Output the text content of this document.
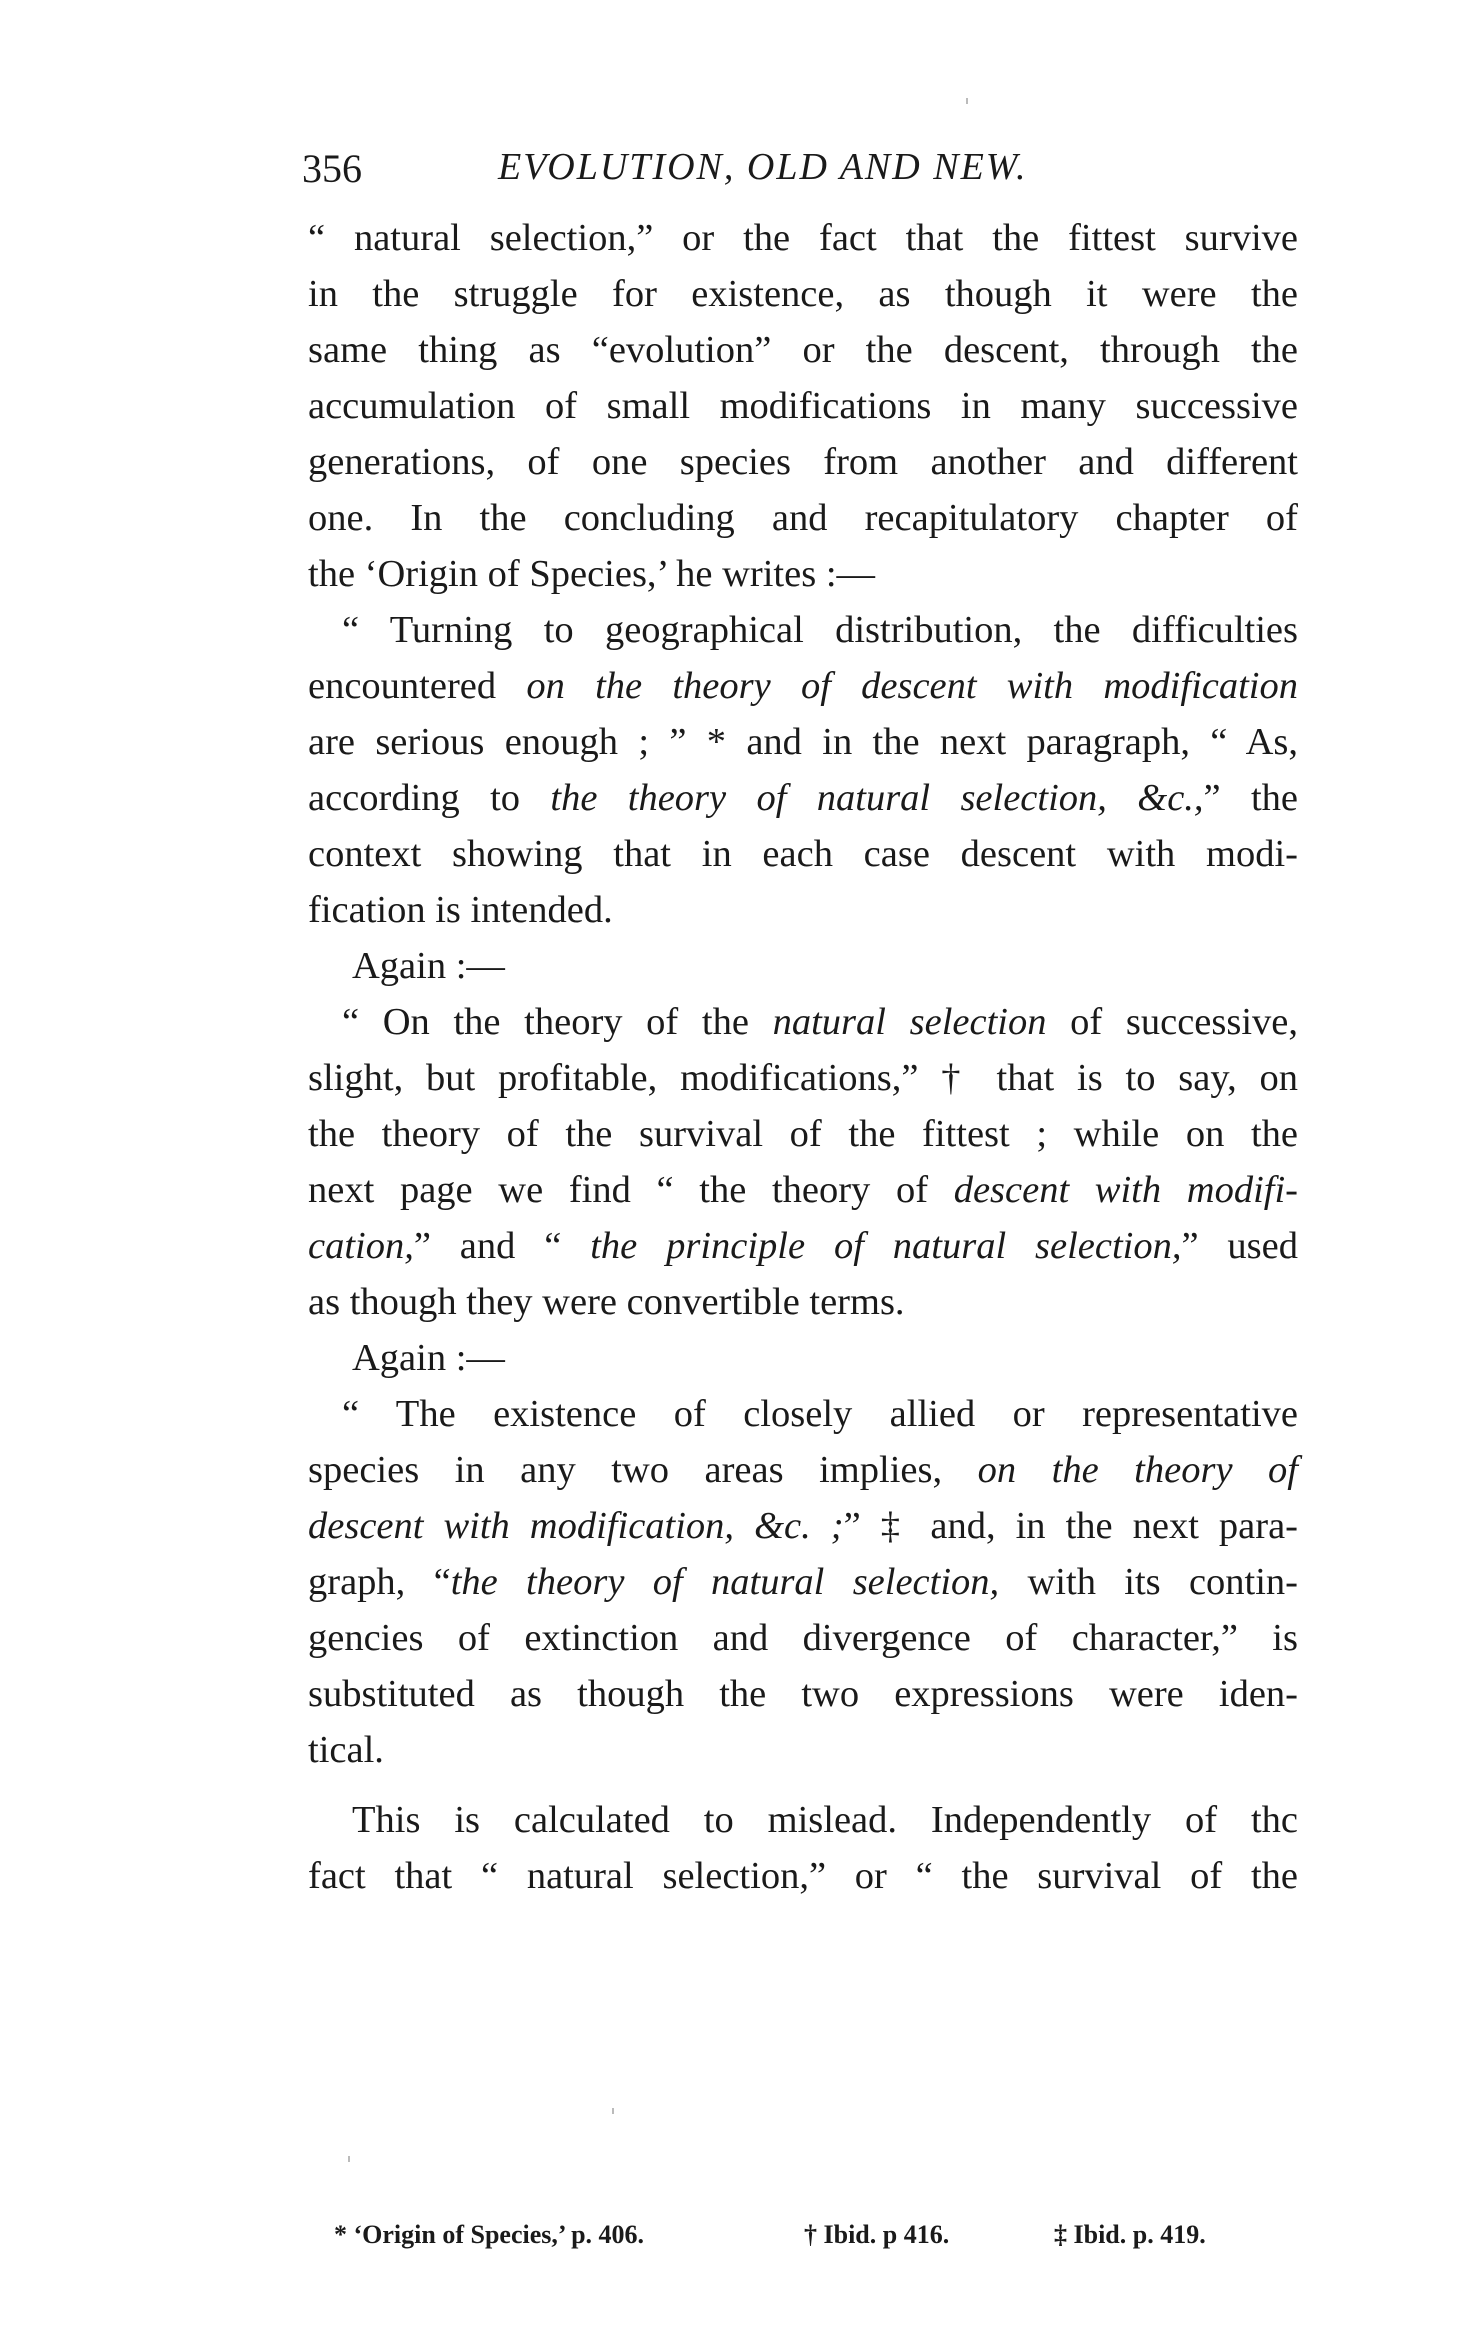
356	EVOLUTION, OLD AND NEW.
“ natural selection,” or the fact that the fittest survive
in the struggle for existence, as though it were the
same thing as “evolution” or the descent, through the
accumulation of small modifications in many successive
generations, of one species from another and different
one. In the concluding and recapitulatory chapter of
the ‘Origin of Species,’ he writes :—
“ Turning to geographical distribution, the difficulties
encountered on the theory of descent with modification
are serious enough ; ” * and in the next paragraph, “ As,
according to the theory of natural selection, &c.,” the
context showing that in each case descent with modi-
fication is intended.
Again :—
“ On the theory of the natural selection of successive,
slight, but profitable, modifications,” † that is to say, on
the theory of the survival of the fittest ; while on the
next page we find “ the theory of descent with modifi-
cation,” and “ the principle of natural selection,” used
as though they were convertible terms.
Again :—
“ The existence of closely allied or representative
species in any two areas implies, on the theory of
descent with modification, &c. ;” ‡ and, in the next para-
graph, “the theory of natural selection, with its contin-
gencies of extinction and divergence of character,” is
substituted as though the two expressions were iden-
tical.
This is calculated to mislead. Independently of thc
fact that “ natural selection,” or “ the survival of the
* ‘Origin of Species,’ p. 406.	† Ibid. p 416.	‡ Ibid. p. 419.
